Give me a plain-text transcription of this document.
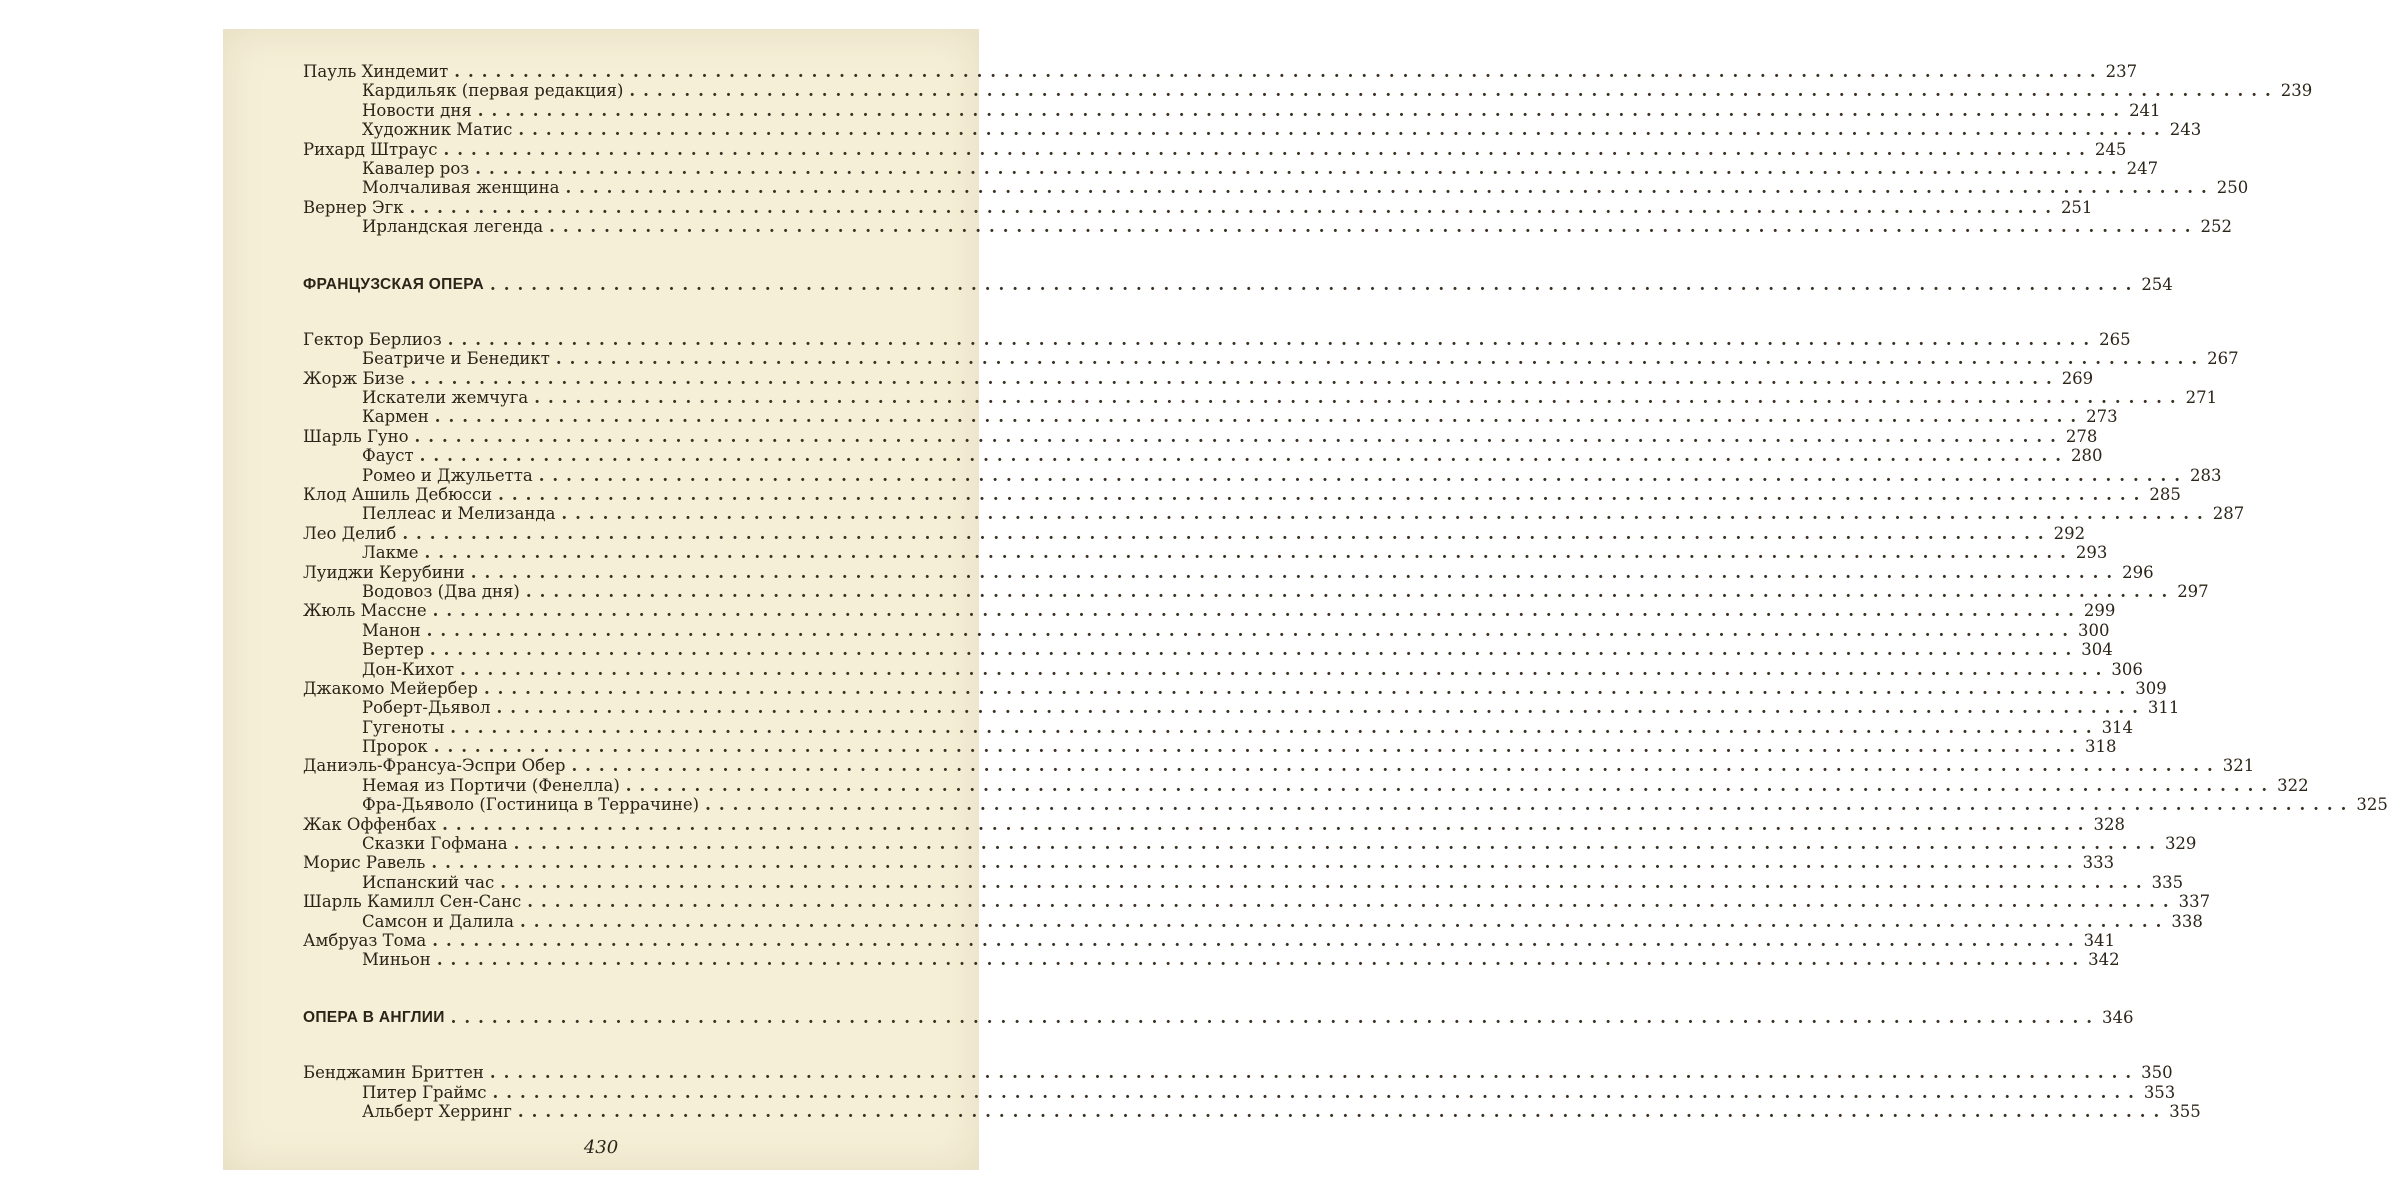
Пауль Хиндемит ........................................................................................................................ 237
Кардильяк (первая редакция) ........................................................................................................................ 239
Новости дня ........................................................................................................................ 241
Художник Матис ........................................................................................................................ 243
Рихард Штраус ........................................................................................................................ 245
Кавалер роз ........................................................................................................................ 247
Молчаливая женщина ........................................................................................................................ 250
Вернер Эгк ........................................................................................................................ 251
Ирландская легенда ........................................................................................................................ 252
ФРАНЦУЗСКАЯ ОПЕРА ........................................................................................................................ 254
Гектор Берлиоз ........................................................................................................................ 265
Беатриче и Бенедикт ........................................................................................................................ 267
Жорж Бизе ........................................................................................................................ 269
Искатели жемчуга ........................................................................................................................ 271
Кармен ........................................................................................................................ 273
Шарль Гуно ........................................................................................................................ 278
Фауст ........................................................................................................................ 280
Ромео и Джульетта ........................................................................................................................ 283
Клод Ашиль Дебюсси ........................................................................................................................ 285
Пеллеас и Мелизанда ........................................................................................................................ 287
Лео Делиб ........................................................................................................................ 292
Лакме ........................................................................................................................ 293
Луиджи Керубини ........................................................................................................................ 296
Водовоз (Два дня) ........................................................................................................................ 297
Жюль Массне ........................................................................................................................ 299
Манон ........................................................................................................................ 300
Вертер ........................................................................................................................ 304
Дон-Кихот ........................................................................................................................ 306
Джакомо Мейербер ........................................................................................................................ 309
Роберт-Дьявол ........................................................................................................................ 311
Гугеноты ........................................................................................................................ 314
Пророк ........................................................................................................................ 318
Даниэль-Франсуа-Эспри Обер ........................................................................................................................ 321
Немая из Портичи (Фенелла) ........................................................................................................................ 322
Фра-Дьяволо (Гостиница в Террачине) ........................................................................................................................ 325
Жак Оффенбах ........................................................................................................................ 328
Сказки Гофмана ........................................................................................................................ 329
Морис Равель ........................................................................................................................ 333
Испанский час ........................................................................................................................ 335
Шарль Камилл Сен-Санс ........................................................................................................................ 337
Самсон и Далила ........................................................................................................................ 338
Амбруаз Тома ........................................................................................................................ 341
Миньон ........................................................................................................................ 342
ОПЕРА В АНГЛИИ ........................................................................................................................ 346
Бенджамин Бриттен ........................................................................................................................ 350
Питер Граймс ........................................................................................................................ 353
Альберт Херринг ........................................................................................................................ 355
430
